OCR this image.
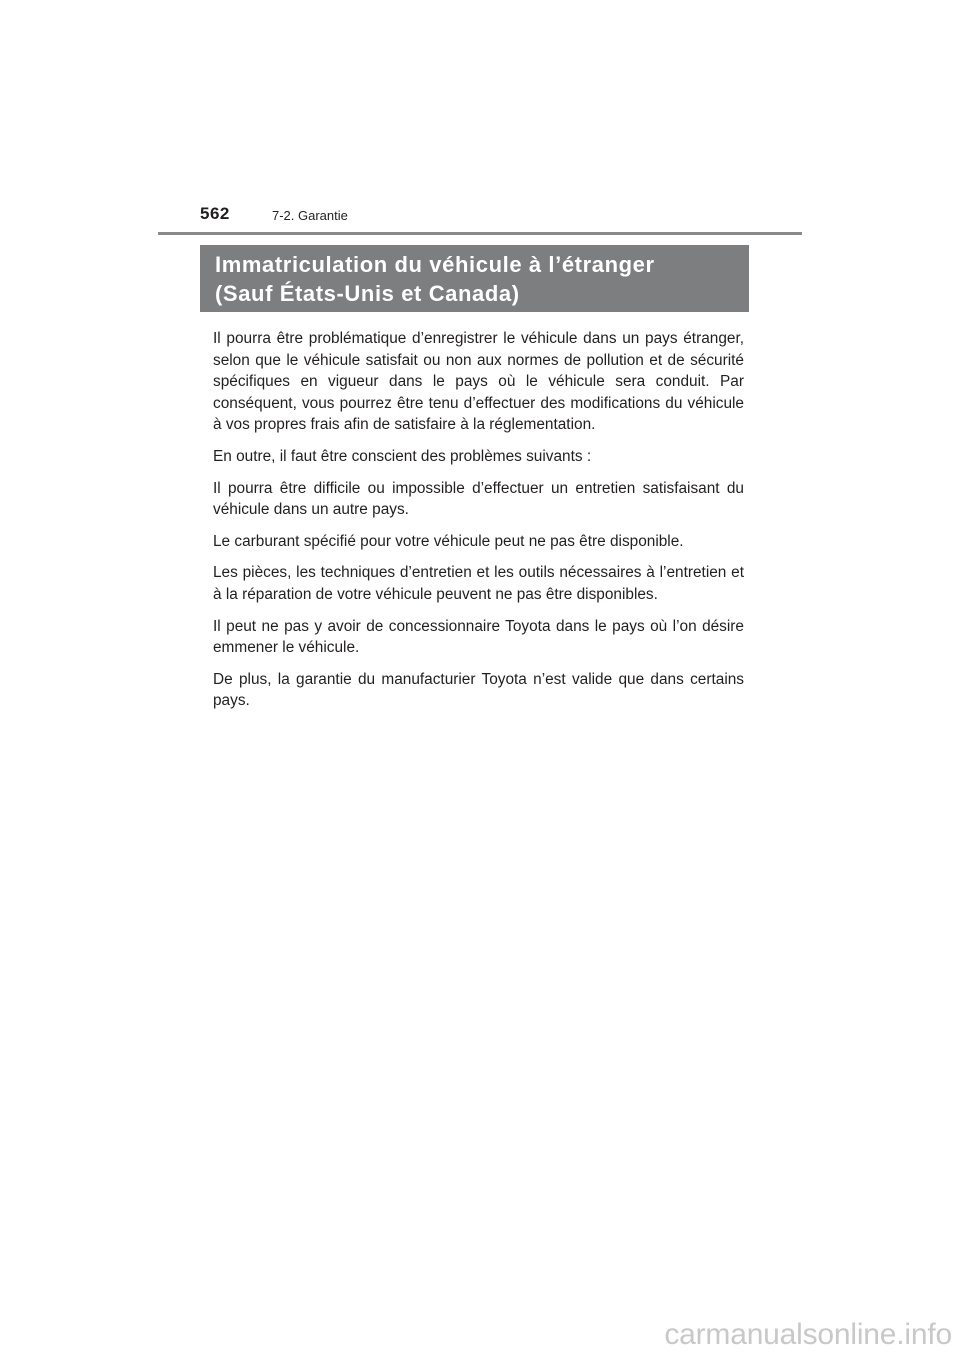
562	7-2. Garantie
Immatriculation du véhicule à l’étranger
(Sauf États-Unis et Canada)

Il pourra être problématique d’enregistrer le véhicule dans un pays étranger, selon que le véhicule satisfait ou non aux normes de pollution et de sécurité spécifiques en vigueur dans le pays où le véhicule sera conduit. Par conséquent, vous pourrez être tenu d’effectuer des modifications du véhicule à vos propres frais afin de satisfaire à la réglementation.

En outre, il faut être conscient des problèmes suivants :

Il pourra être difficile ou impossible d’effectuer un entretien satisfaisant du véhicule dans un autre pays.

Le carburant spécifié pour votre véhicule peut ne pas être disponible.

Les pièces, les techniques d’entretien et les outils nécessaires à l’entretien et à la réparation de votre véhicule peuvent ne pas être disponibles.

Il peut ne pas y avoir de concessionnaire Toyota dans le pays où l’on désire emmener le véhicule.

De plus, la garantie du manufacturier Toyota n’est valide que dans certains pays.

carmanualsonline.info
